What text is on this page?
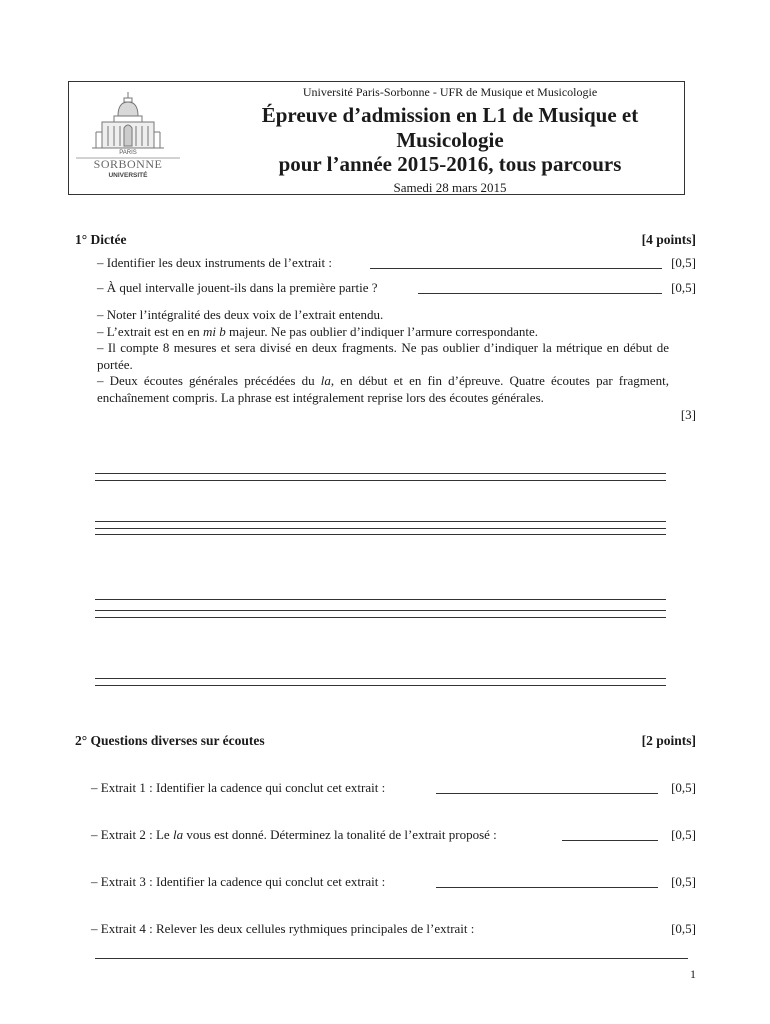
PARIS
SORBONNE
UNIVERSITÉ
Université Paris-Sorbonne - UFR de Musique et Musicologie
Épreuve d’admission en L1 de Musique et
Musicologie
pour l’année 2015-2016, tous parcours
Samedi 28 mars 2015
1° Dictée	[4 points]
– Identifier les deux instruments de l’extrait :	[0,5]
– À quel intervalle jouent-ils dans la première partie ?	[0,5]

– Noter l’intégralité des deux voix de l’extrait entendu.

– L’extrait est en en mi b majeur. Ne pas oublier d’indiquer l’armure correspondante.

– Il compte 8 mesures et sera divisé en deux fragments. Ne pas oublier d’indiquer la métrique en début de portée.

– Deux écoutes générales précédées du la, en début et en fin d’épreuve. Quatre écoutes par fragment, enchaînement compris. La phrase est intégralement reprise lors des écoutes générales.

[3]
2° Questions diverses sur écoutes	[2 points]
– Extrait 1 : Identifier la cadence qui conclut cet extrait :	[0,5]
– Extrait 2 : Le la vous est donné. Déterminez la tonalité de l’extrait proposé :	[0,5]
– Extrait 3 : Identifier la cadence qui conclut cet extrait :	[0,5]
– Extrait 4 : Relever les deux cellules rythmiques principales de l’extrait :	[0,5]
1
